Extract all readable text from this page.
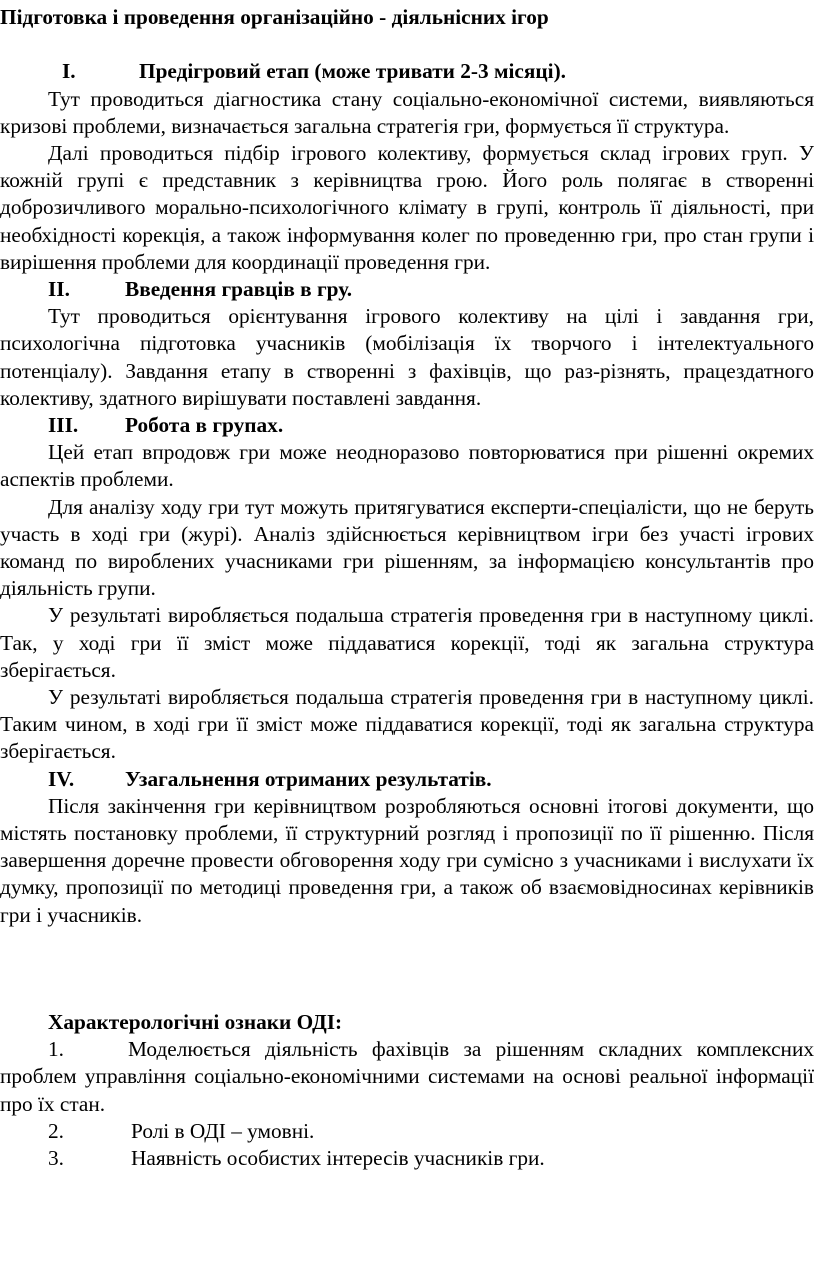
Підготовка і проведення організаційно - діяльнісних ігор
I.	Предігровий етап (може тривати 2-3 місяці).

Тут проводиться діагностика стану соціально-економічної системи, виявляються кризові проблеми, визначається загальна стратегія гри, формується її структура.

Далі проводиться підбір ігрового колективу, формується склад ігрових груп. У кожній групі є представник з керівництва грою. Його роль полягає в створенні доброзичливого морально-психологічного клімату в групі, контроль її діяльності, при необхідності корекція, а також інформування колег по проведенню гри, про стан групи і вирішення проблеми для координації проведення гри.

II.	Введення гравців в гру.

Тут проводиться орієнтування ігрового колективу на цілі і завдання гри, психологічна підготовка учасників (мобілізація їх творчого і інтелектуального потенціалу). Завдання етапу в створенні з фахівців, що раз-різнять, працездатного колективу, здатного вирішувати поставлені завдання.

III.	Робота в групах.

Цей етап впродовж гри може неодноразово повторюватися при рішенні окремих аспектів проблеми.

Для аналізу ходу гри тут можуть притягуватися експерти-спеціалісти, що не беруть участь в ході гри (журі). Аналіз здійснюється керівництвом ігри без участі ігрових команд по вироблених учасниками гри рішенням, за інформацією консультантів про діяльність групи.

У результаті виробляється подальша стратегія проведення гри в наступному циклі. Так, у ході гри її зміст може піддаватися корекції, тоді як загальна структура зберігається.

У результаті виробляється подальша стратегія проведення гри в наступному циклі. Таким чином, в ході гри її зміст може піддаватися корекції, тоді як загальна структура зберігається.

IV.	Узагальнення отриманих результатів.

Після закінчення гри керівництвом розробляються основні ітогові документи, що містять постановку проблеми, її структурний розгляд і пропозиції по її рішенню. Після завершення доречне провести обговорення ходу гри сумісно з учасниками і вислухати їх думку, пропозиції по методиці проведення гри, а також об взаємовідносинах керівників гри і учасників.

Характерологічні ознаки ОДІ:
1.	Моделюється діяльність фахівців за рішенням складних комплексних проблем управління соціально-економічними системами на основі реальної інформації про їх стан.
2.	Ролі в ОДІ – умовні.
3.	Наявність особистих інтересів учасників гри.
